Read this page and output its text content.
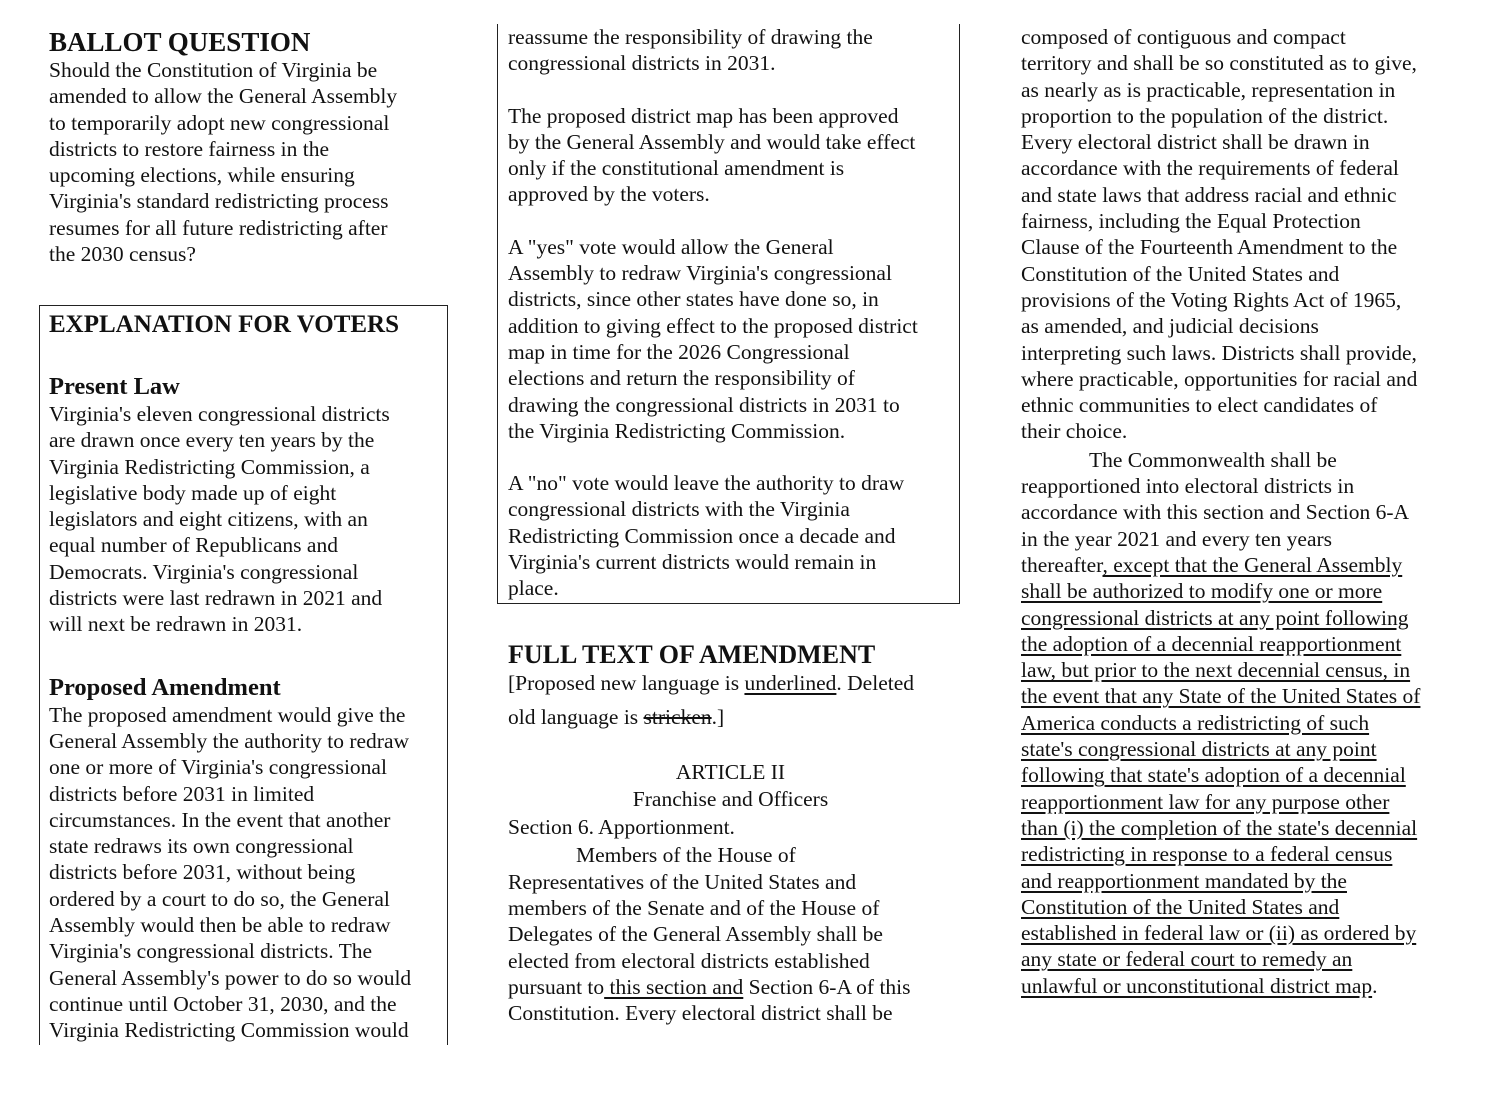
BALLOT QUESTION

Should the Constitution of Virginia be

amended to allow the General Assembly

to temporarily adopt new congressional

districts to restore fairness in the

upcoming elections, while ensuring

Virginia's standard redistricting process

resumes for all future redistricting after

the 2030 census?

EXPLANATION FOR VOTERS

Present Law

Virginia's eleven congressional districts

are drawn once every ten years by the

Virginia Redistricting Commission, a

legislative body made up of eight

legislators and eight citizens, with an

equal number of Republicans and

Democrats. Virginia's congressional

districts were last redrawn in 2021 and

will next be redrawn in 2031.

Proposed Amendment

The proposed amendment would give the

General Assembly the authority to redraw

one or more of Virginia's congressional

districts before 2031 in limited

circumstances. In the event that another

state redraws its own congressional

districts before 2031, without being

ordered by a court to do so, the General

Assembly would then be able to redraw

Virginia's congressional districts. The

General Assembly's power to do so would

continue until October 31, 2030, and the

Virginia Redistricting Commission would

reassume the responsibility of drawing the

congressional districts in 2031.

The proposed district map has been approved

by the General Assembly and would take effect

only if the constitutional amendment is

approved by the voters.

A "yes" vote would allow the General

Assembly to redraw Virginia's congressional

districts, since other states have done so, in

addition to giving effect to the proposed district

map in time for the 2026 Congressional

elections and return the responsibility of

drawing the congressional districts in 2031 to

the Virginia Redistricting Commission.

A "no" vote would leave the authority to draw

congressional districts with the Virginia

Redistricting Commission once a decade and

Virginia's current districts would remain in

place.

FULL TEXT OF AMENDMENT

[Proposed new language is underlined. Deleted

old language is stricken.]

ARTICLE II

Franchise and Officers

Section 6. Apportionment.

Members of the House of

Representatives of the United States and

members of the Senate and of the House of

Delegates of the General Assembly shall be

elected from electoral districts established

pursuant to this section and Section 6-A of this

Constitution. Every electoral district shall be

composed of contiguous and compact

territory and shall be so constituted as to give,

as nearly as is practicable, representation in

proportion to the population of the district.

Every electoral district shall be drawn in

accordance with the requirements of federal

and state laws that address racial and ethnic

fairness, including the Equal Protection

Clause of the Fourteenth Amendment to the

Constitution of the United States and

provisions of the Voting Rights Act of 1965,

as amended, and judicial decisions

interpreting such laws. Districts shall provide,

where practicable, opportunities for racial and

ethnic communities to elect candidates of

their choice.

The Commonwealth shall be

reapportioned into electoral districts in

accordance with this section and Section 6-A

in the year 2021 and every ten years

thereafter, except that the General Assembly

shall be authorized to modify one or more

congressional districts at any point following

the adoption of a decennial reapportionment

law, but prior to the next decennial census, in

the event that any State of the United States of

America conducts a redistricting of such

state's congressional districts at any point

following that state's adoption of a decennial

reapportionment law for any purpose other

than (i) the completion of the state's decennial

redistricting in response to a federal census

and reapportionment mandated by the

Constitution of the United States and

established in federal law or (ii) as ordered by

any state or federal court to remedy an

unlawful or unconstitutional district map.
